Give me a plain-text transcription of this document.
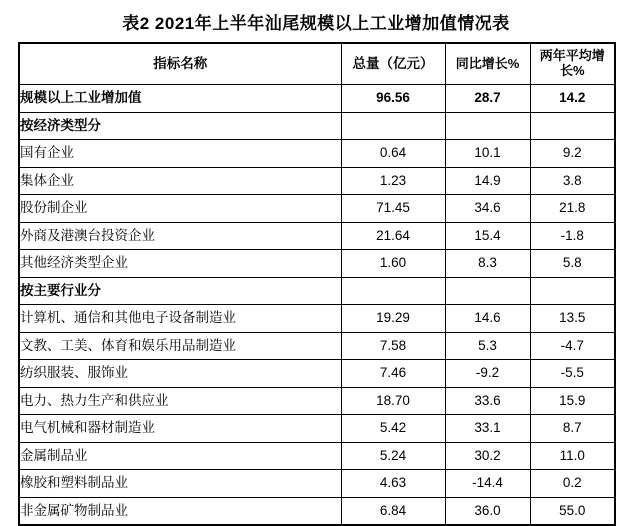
表2 2021年上半年汕尾规模以上工业增加值情况表
指标名称	总量（亿元）	同比增长%	两年平均增长%
规模以上工业增加值	96.56	28.7	14.2
按经济类型分			
国有企业	0.64	10.1	9.2
集体企业	1.23	14.9	3.8
股份制企业	71.45	34.6	21.8
外商及港澳台投资企业	21.64	15.4	-1.8
其他经济类型企业	1.60	8.3	5.8
按主要行业分			
计算机、通信和其他电子设备制造业	19.29	14.6	13.5
文教、工美、体育和娱乐用品制造业	7.58	5.3	-4.7
纺织服装、服饰业	7.46	-9.2	-5.5
电力、热力生产和供应业	18.70	33.6	15.9
电气机械和器材制造业	5.42	33.1	8.7
金属制品业	5.24	30.2	11.0
橡胶和塑料制品业	4.63	-14.4	0.2
非金属矿物制品业	6.84	36.0	55.0
